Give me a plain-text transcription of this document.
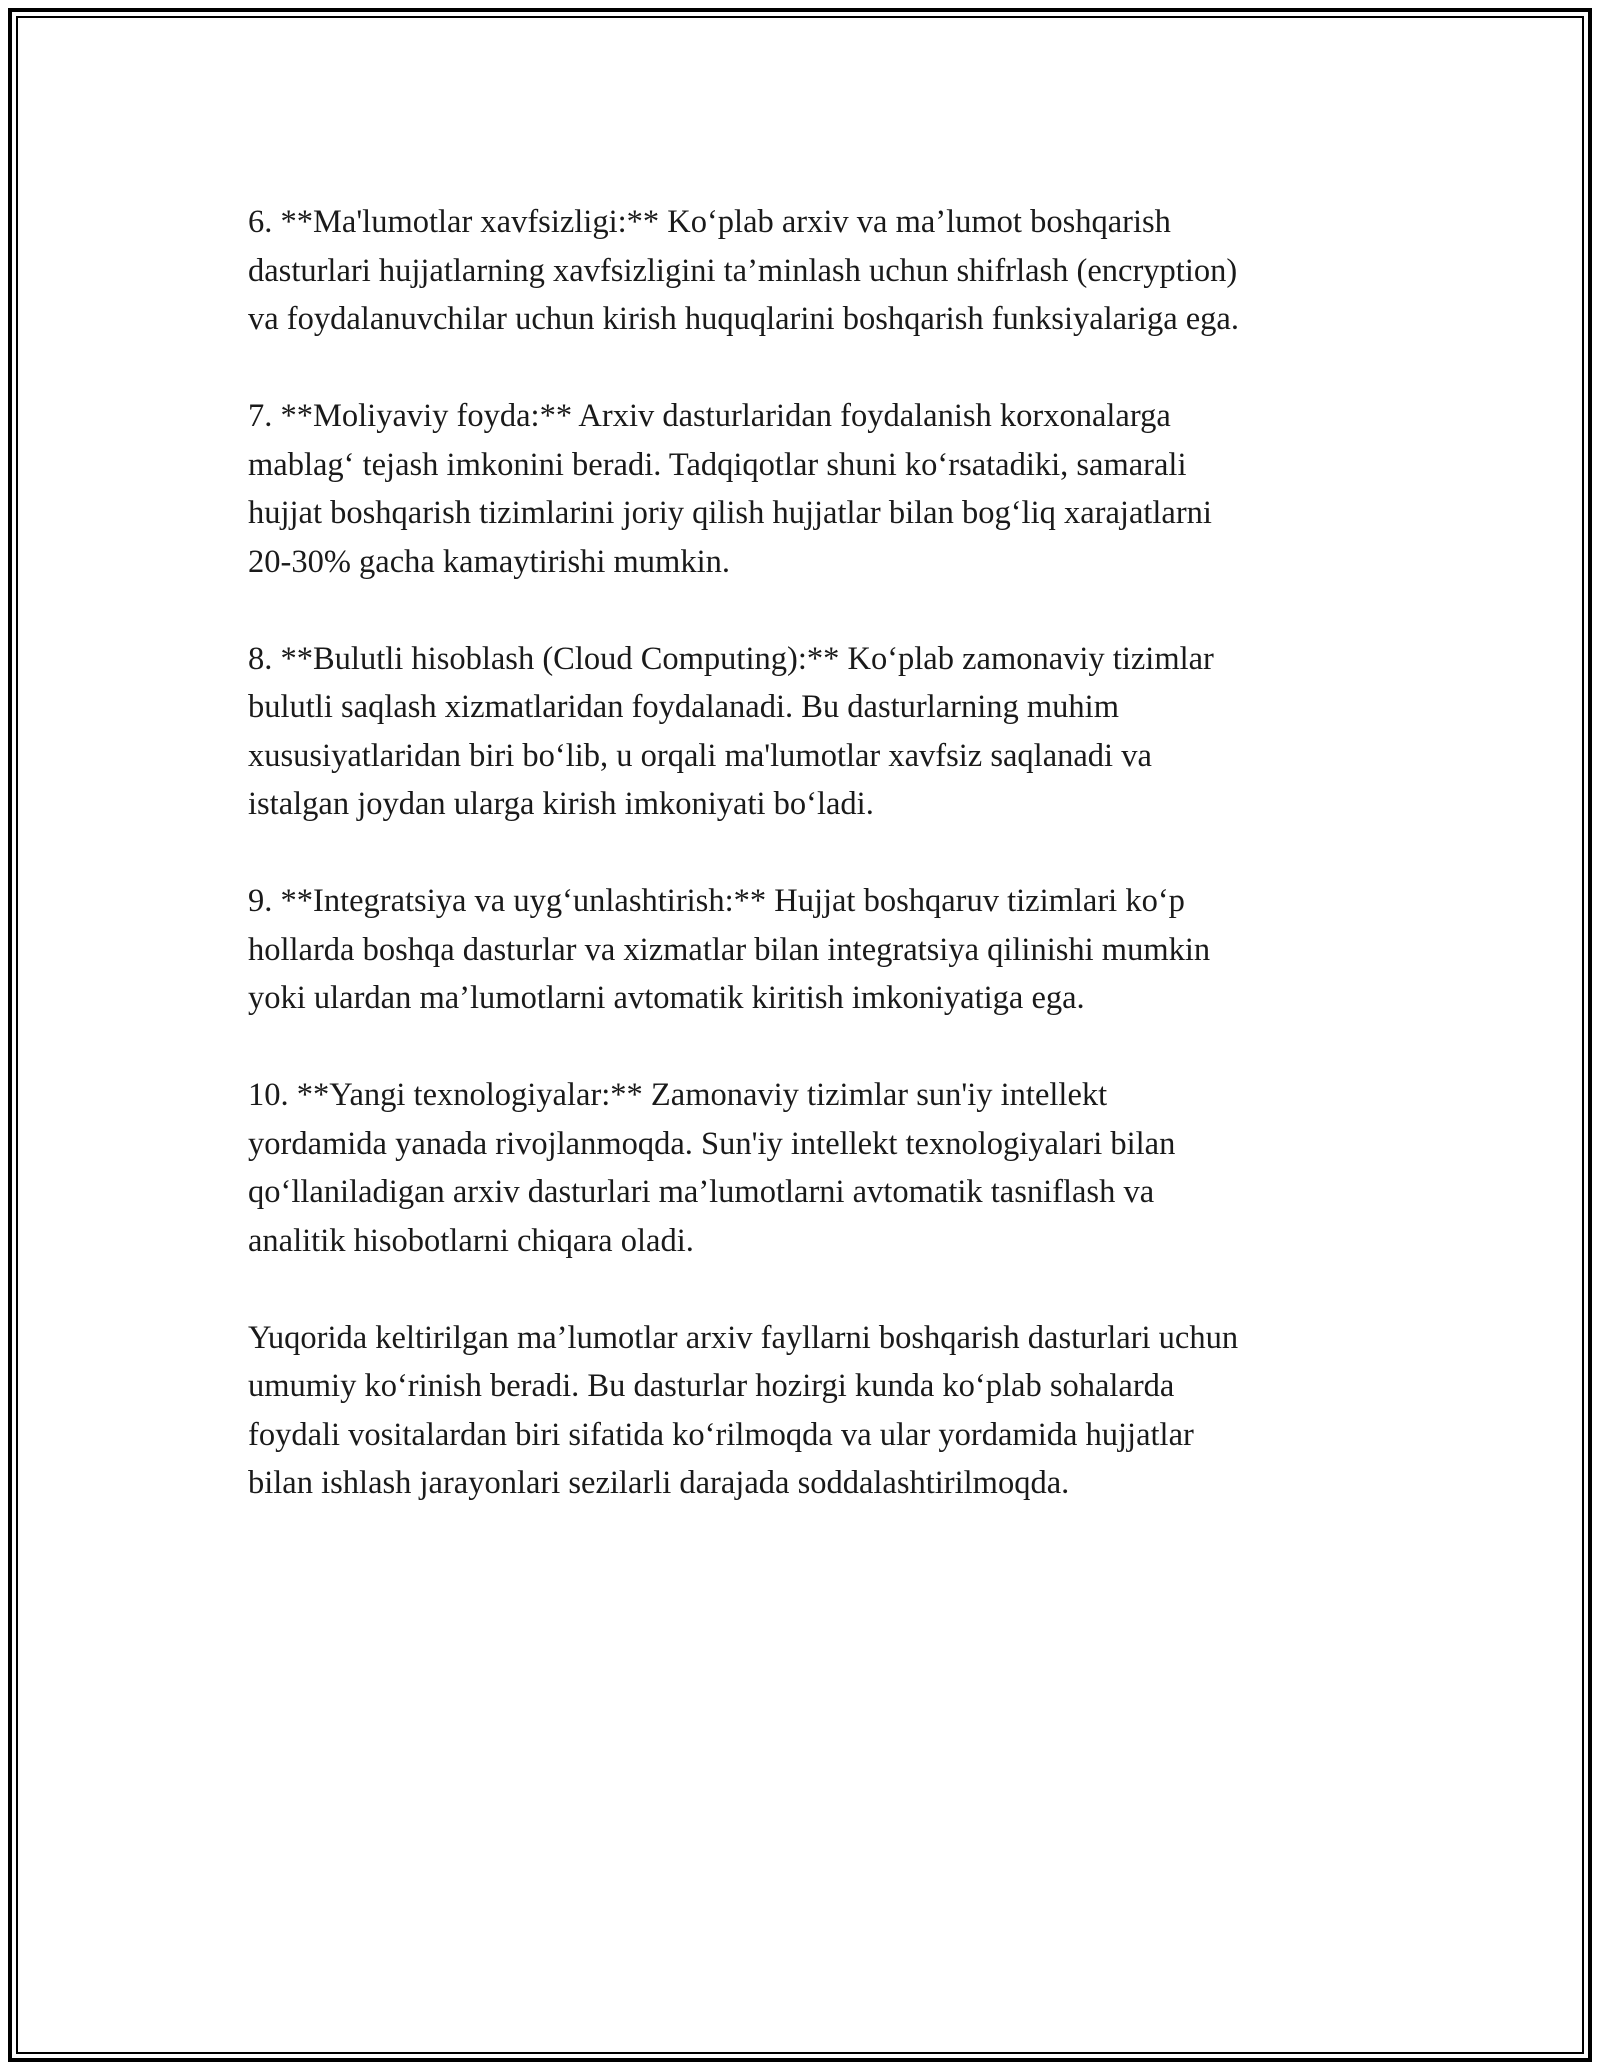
6. **Ma'lumotlar xavfsizligi:** Ko‘plab arxiv va ma’lumot boshqarish
dasturlari hujjatlarning xavfsizligini ta’minlash uchun shifrlash (encryption)
va foydalanuvchilar uchun kirish huquqlarini boshqarish funksiyalariga ega.

7. **Moliyaviy foyda:** Arxiv dasturlaridan foydalanish korxonalarga
mablag‘ tejash imkonini beradi. Tadqiqotlar shuni ko‘rsatadiki, samarali
hujjat boshqarish tizimlarini joriy qilish hujjatlar bilan bog‘liq xarajatlarni
20-30% gacha kamaytirishi mumkin.

8. **Bulutli hisoblash (Cloud Computing):** Ko‘plab zamonaviy tizimlar
bulutli saqlash xizmatlaridan foydalanadi. Bu dasturlarning muhim
xususiyatlaridan biri bo‘lib, u orqali ma'lumotlar xavfsiz saqlanadi va
istalgan joydan ularga kirish imkoniyati bo‘ladi.

9. **Integratsiya va uyg‘unlashtirish:** Hujjat boshqaruv tizimlari ko‘p
hollarda boshqa dasturlar va xizmatlar bilan integratsiya qilinishi mumkin
yoki ulardan ma’lumotlarni avtomatik kiritish imkoniyatiga ega.

10. **Yangi texnologiyalar:** Zamonaviy tizimlar sun'iy intellekt
yordamida yanada rivojlanmoqda. Sun'iy intellekt texnologiyalari bilan
qo‘llaniladigan arxiv dasturlari ma’lumotlarni avtomatik tasniflash va
analitik hisobotlarni chiqara oladi.

Yuqorida keltirilgan ma’lumotlar arxiv fayllarni boshqarish dasturlari uchun
umumiy ko‘rinish beradi. Bu dasturlar hozirgi kunda ko‘plab sohalarda
foydali vositalardan biri sifatida ko‘rilmoqda va ular yordamida hujjatlar
bilan ishlash jarayonlari sezilarli darajada soddalashtirilmoqda.
